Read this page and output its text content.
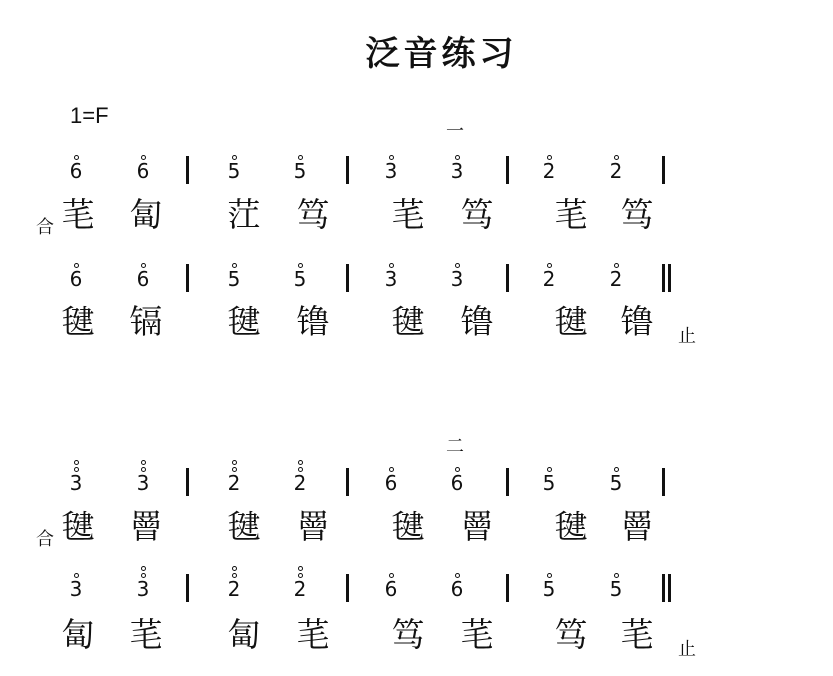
泛音练习
1=F
一
6	6	5	5	3	3	2	2
合 芼 匐 茳 笃 芼 笃 芼 笃
6	6	5	5	3	3	2	2
毽 镉 毽 镥 毽 镥 毽 镥	止
二
3	3	2	2	6	6	5	5
合 毽 罾 毽 罾 毽 罾 毽 罾
3	3	2	2	6	6	5	5
匐 芼 匐 芼 笃 芼 笃 芼	止
